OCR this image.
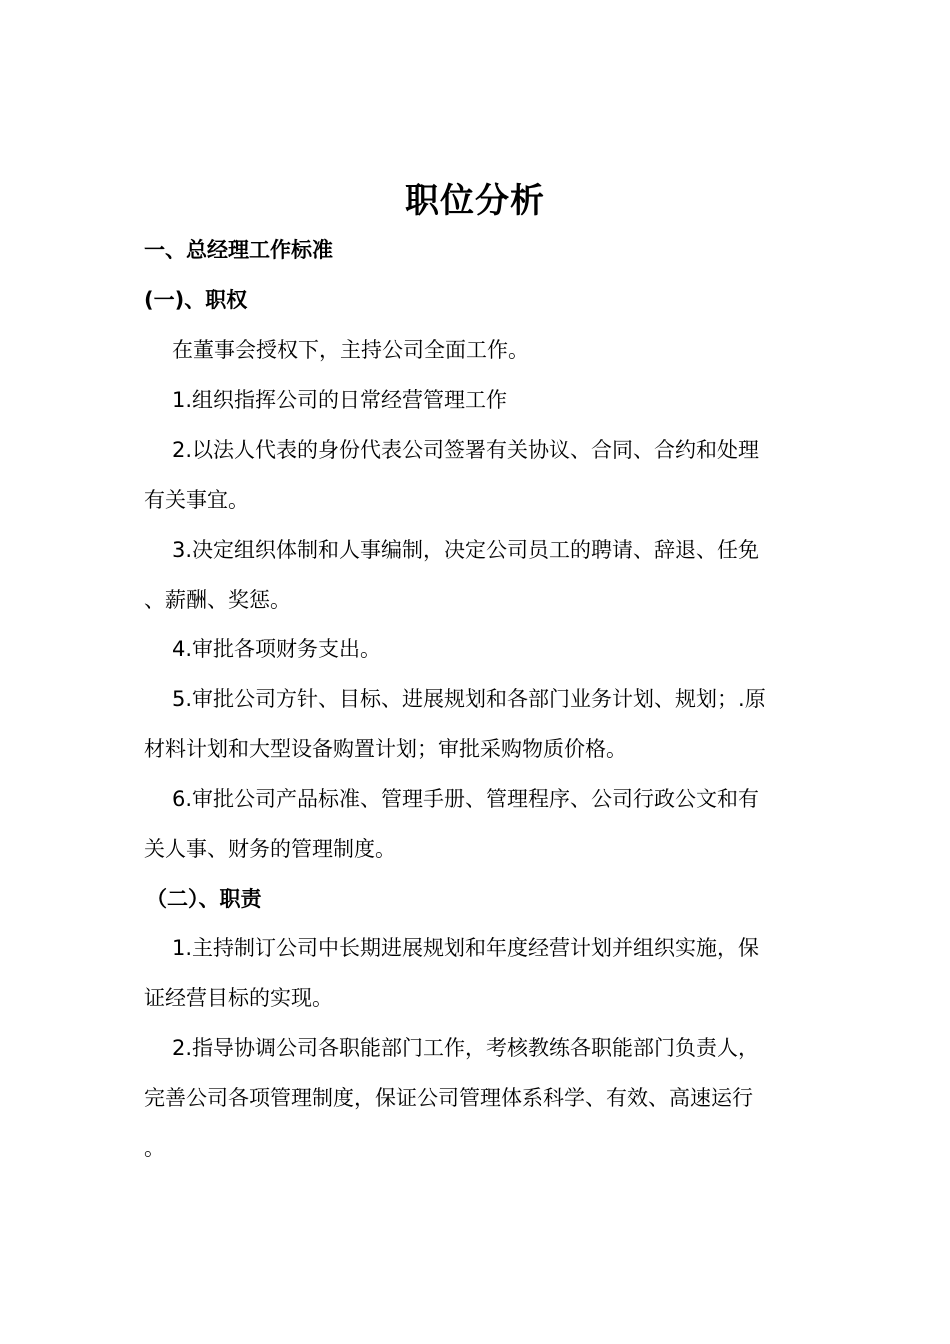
职位分析
一、总经理工作标准
(一)、职权
在董事会授权下，主持公司全面工作。
1.组织指挥公司的日常经营管理工作
2.以法人代表的身份代表公司签署有关协议、合同、合约和处理
有关事宜。
3.决定组织体制和人事编制，决定公司员工的聘请、辞退、任免
、薪酬、奖惩。
4.审批各项财务支出。
5.审批公司方针、目标、进展规划和各部门业务计划、规划；.原
材料计划和大型设备购置计划；审批采购物质价格。
6.审批公司产品标准、管理手册、管理程序、公司行政公文和有
关人事、财务的管理制度。
（二）、职责
1.主持制订公司中长期进展规划和年度经营计划并组织实施，保
证经营目标的实现。
2.指导协调公司各职能部门工作，考核教练各职能部门负责人，
完善公司各项管理制度，保证公司管理体系科学、有效、高速运行
。
